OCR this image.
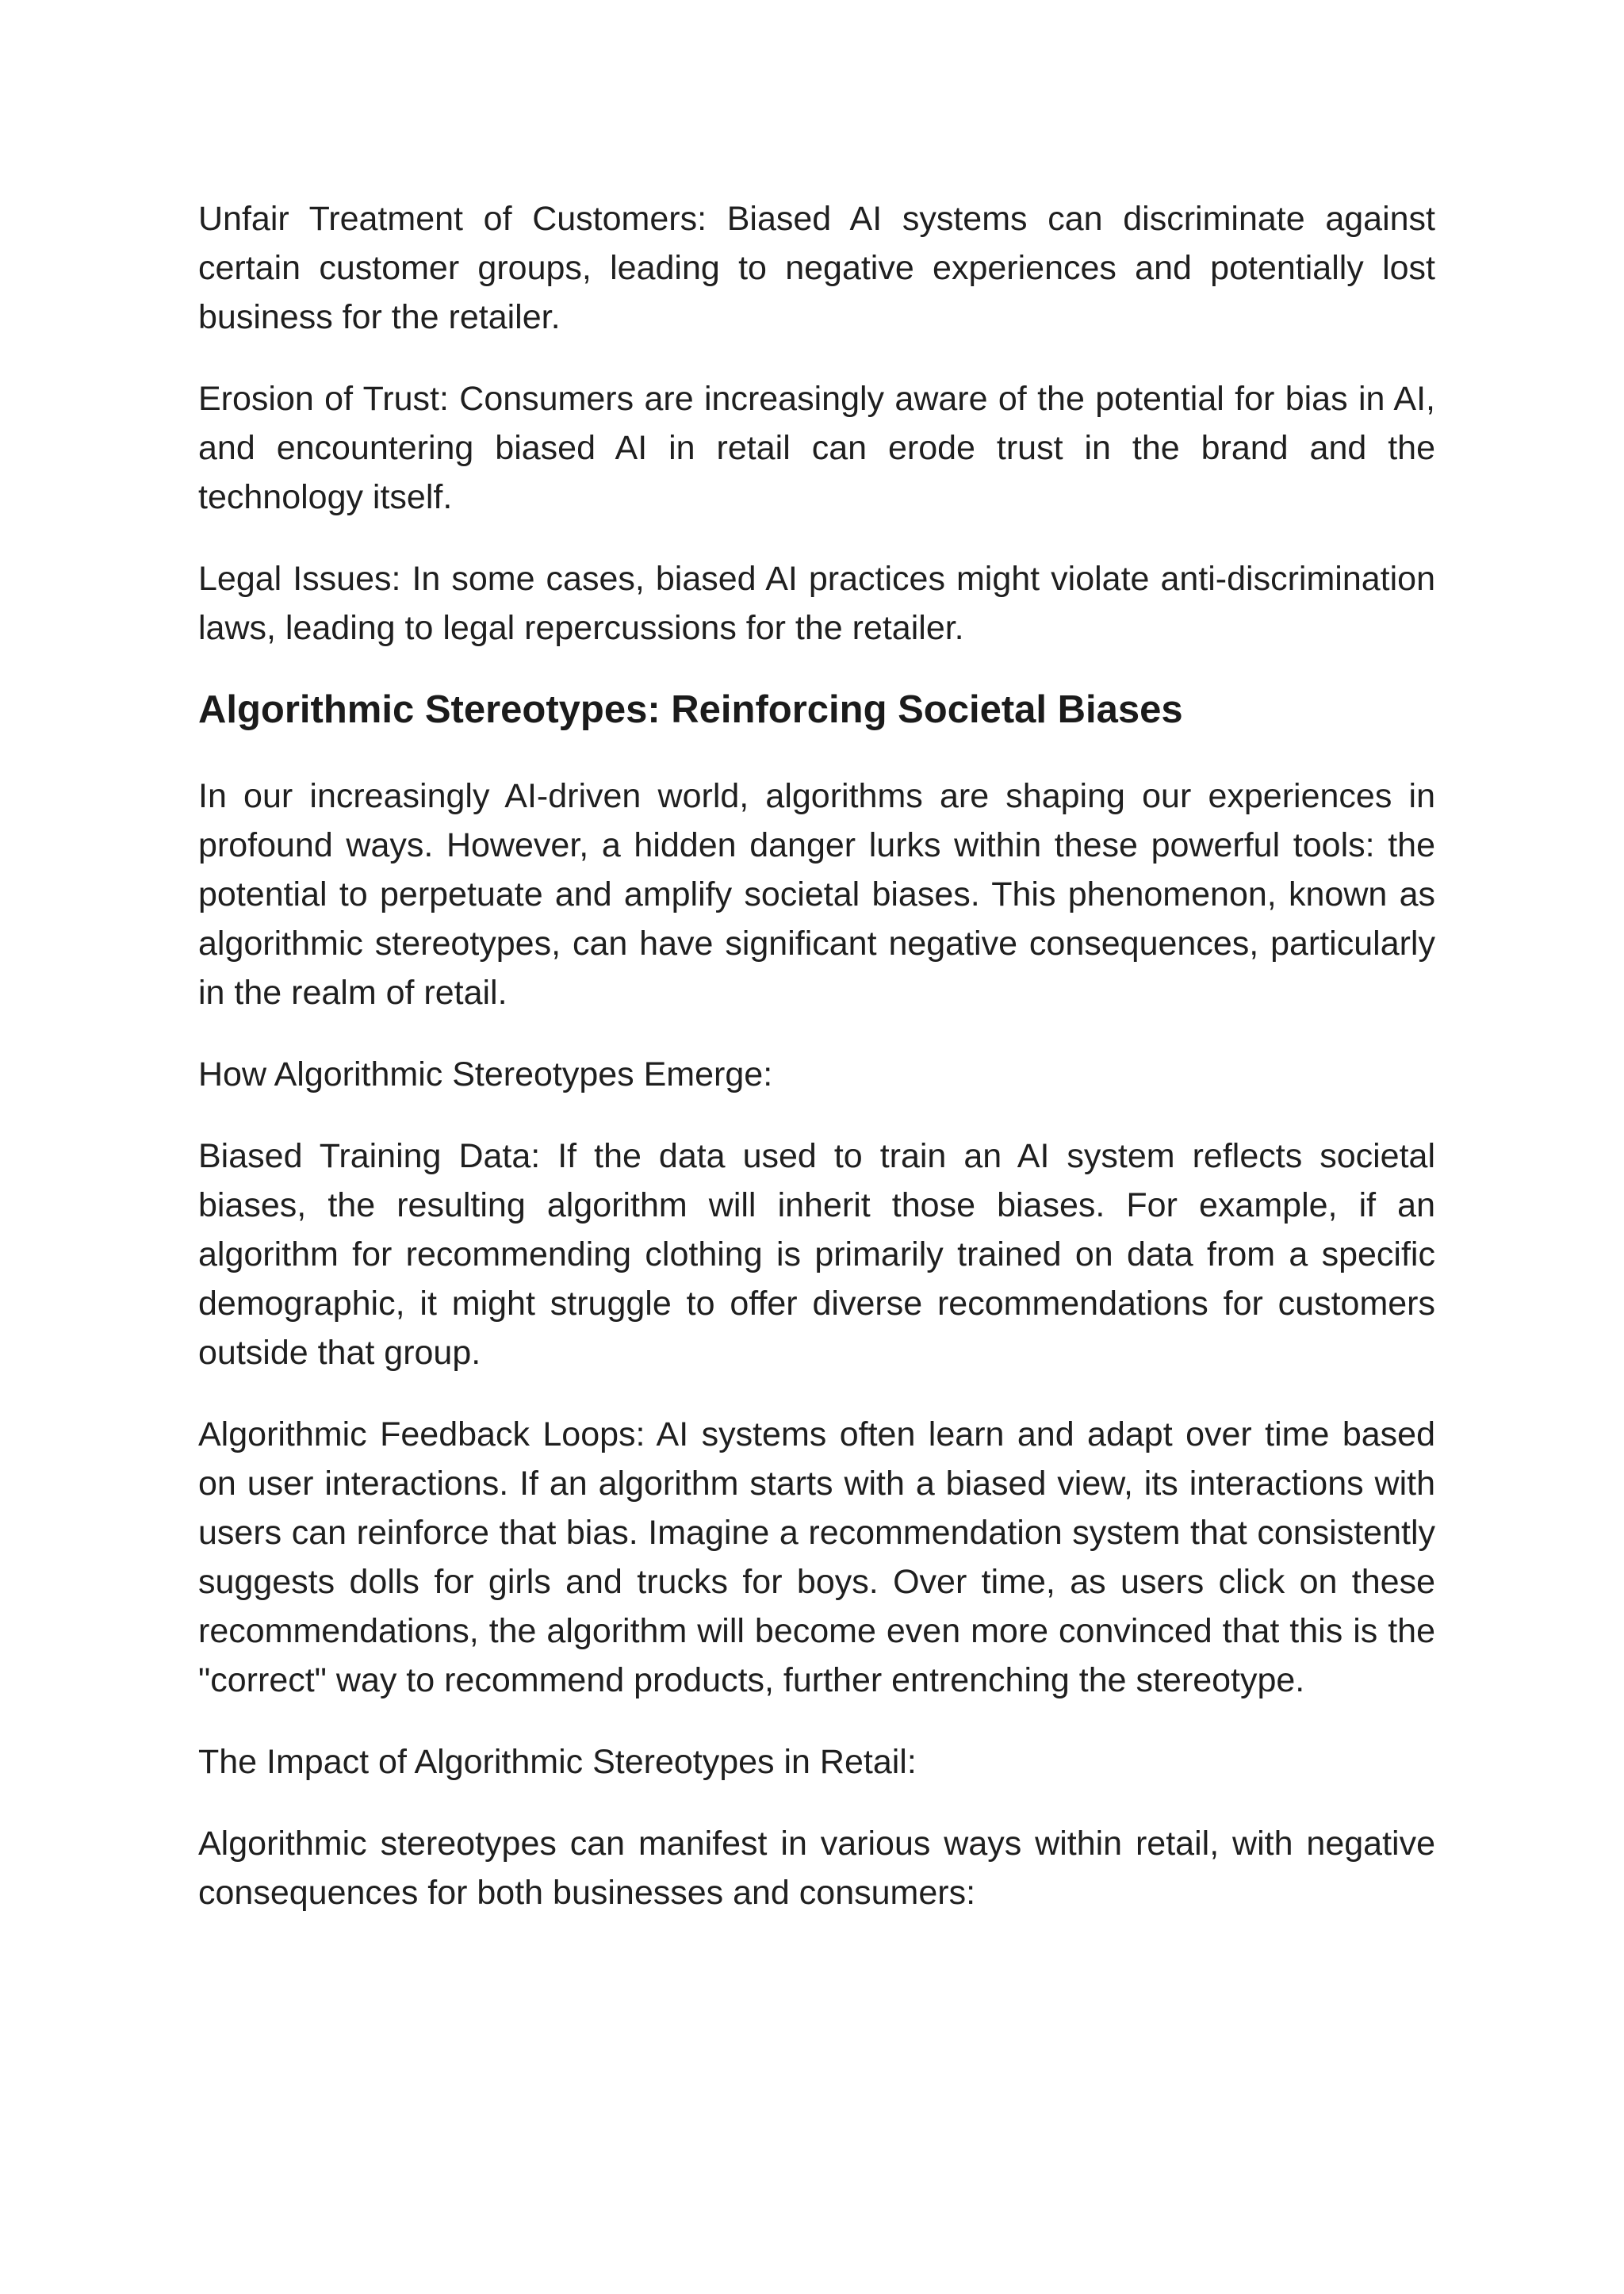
Unfair Treatment of Customers: Biased AI systems can discriminate against certain customer groups, leading to negative experiences and potentially lost business for the retailer.

Erosion of Trust: Consumers are increasingly aware of the potential for bias in AI, and encountering biased AI in retail can erode trust in the brand and the technology itself.

Legal Issues: In some cases, biased AI practices might violate anti-discrimination laws, leading to legal repercussions for the retailer.

Algorithmic Stereotypes: Reinforcing Societal Biases

In our increasingly AI-driven world, algorithms are shaping our experiences in profound ways. However, a hidden danger lurks within these powerful tools: the potential to perpetuate and amplify societal biases. This phenomenon, known as algorithmic stereotypes, can have significant negative consequences, particularly in the realm of retail.

How Algorithmic Stereotypes Emerge:

Biased Training Data: If the data used to train an AI system reflects societal biases, the resulting algorithm will inherit those biases. For example, if an algorithm for recommending clothing is primarily trained on data from a specific demographic, it might struggle to offer diverse recommendations for customers outside that group.

Algorithmic Feedback Loops: AI systems often learn and adapt over time based on user interactions. If an algorithm starts with a biased view, its interactions with users can reinforce that bias. Imagine a recommendation system that consistently suggests dolls for girls and trucks for boys. Over time, as users click on these recommendations, the algorithm will become even more convinced that this is the "correct" way to recommend products, further entrenching the stereotype.

The Impact of Algorithmic Stereotypes in Retail:

Algorithmic stereotypes can manifest in various ways within retail, with negative consequences for both businesses and consumers:
